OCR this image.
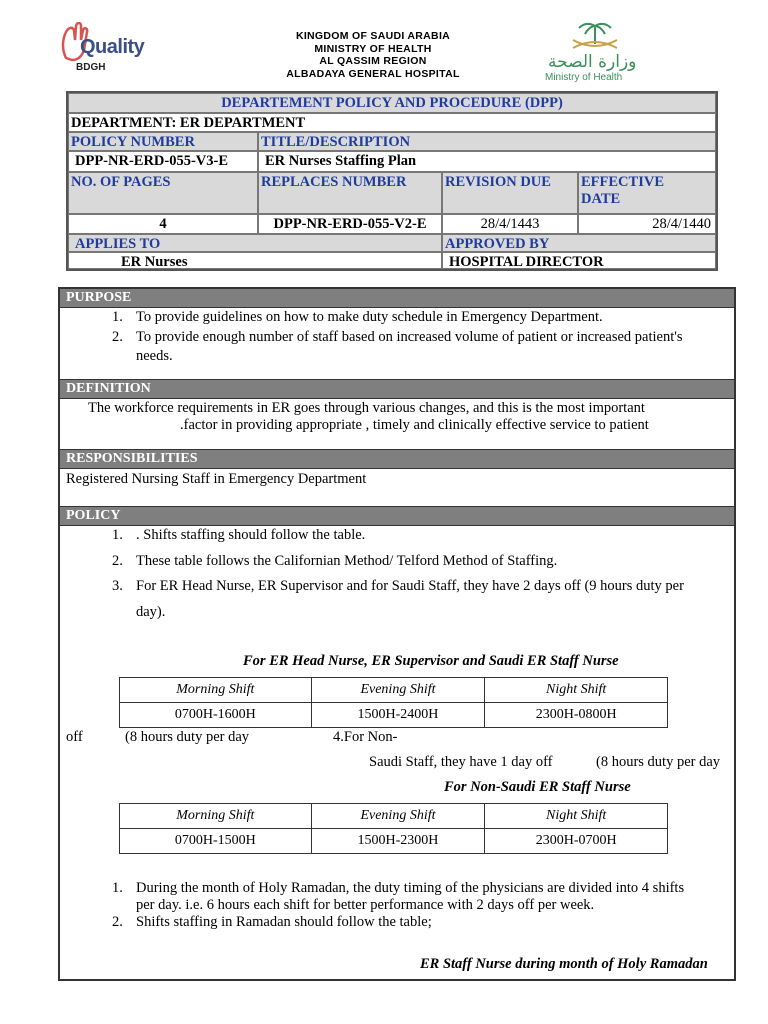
Quality
BDGH
KINGDOM OF SAUDI ARABIA
MINISTRY OF HEALTH
AL QASSIM REGION
ALBADAYA GENERAL HOSPITAL
وزارة الصحة
Ministry of Health
DEPARTEMENT POLICY AND PROCEDURE (DPP)
DEPARTMENT: ER DEPARTMENT
POLICY NUMBER	TITLE/DESCRIPTION
DPP-NR-ERD-055-V3-E	ER Nurses Staffing Plan
NO. OF PAGES	REPLACES NUMBER	REVISION DUE	EFFECTIVE
DATE
4	DPP-NR-ERD-055-V2-E	28/4/1443	28/4/1440
APPLIES TO	APPROVED BY
ER Nurses	HOSPITAL DIRECTOR
PURPOSE
1. To provide guidelines on how to make duty schedule in Emergency Department.
2. To provide enough number of staff based on increased volume of patient or increased patient's
needs.
DEFINITION
The workforce requirements in ER goes through various changes, and this is the most important
.factor in providing appropriate , timely and clinically effective service to patient
RESPONSIBILITIES
Registered Nursing Staff in Emergency Department
POLICY
1. . Shifts staffing should follow the table.
2. These table follows the Californian Method/ Telford Method of Staffing.
3. For ER Head Nurse, ER Supervisor and for Saudi Staff, they have 2 days off (9 hours duty per
day).
For ER Head Nurse, ER Supervisor and Saudi ER Staff Nurse
Morning Shift	Evening Shift	Night Shift
0700H-1600H	1500H-2400H	2300H-0800H
off	(8 hours duty per day	4.For Non-
Saudi Staff, they have 1 day off	(8 hours duty per day
For Non-Saudi ER Staff Nurse
Morning Shift	Evening Shift	Night Shift
0700H-1500H	1500H-2300H	2300H-0700H
1. During the month of Holy Ramadan, the duty timing of the physicians are divided into 4 shifts
per day. i.e. 6 hours each shift for better performance with 2 days off per week.
2. Shifts staffing in Ramadan should follow the table;
ER Staff Nurse during month of Holy Ramadan
